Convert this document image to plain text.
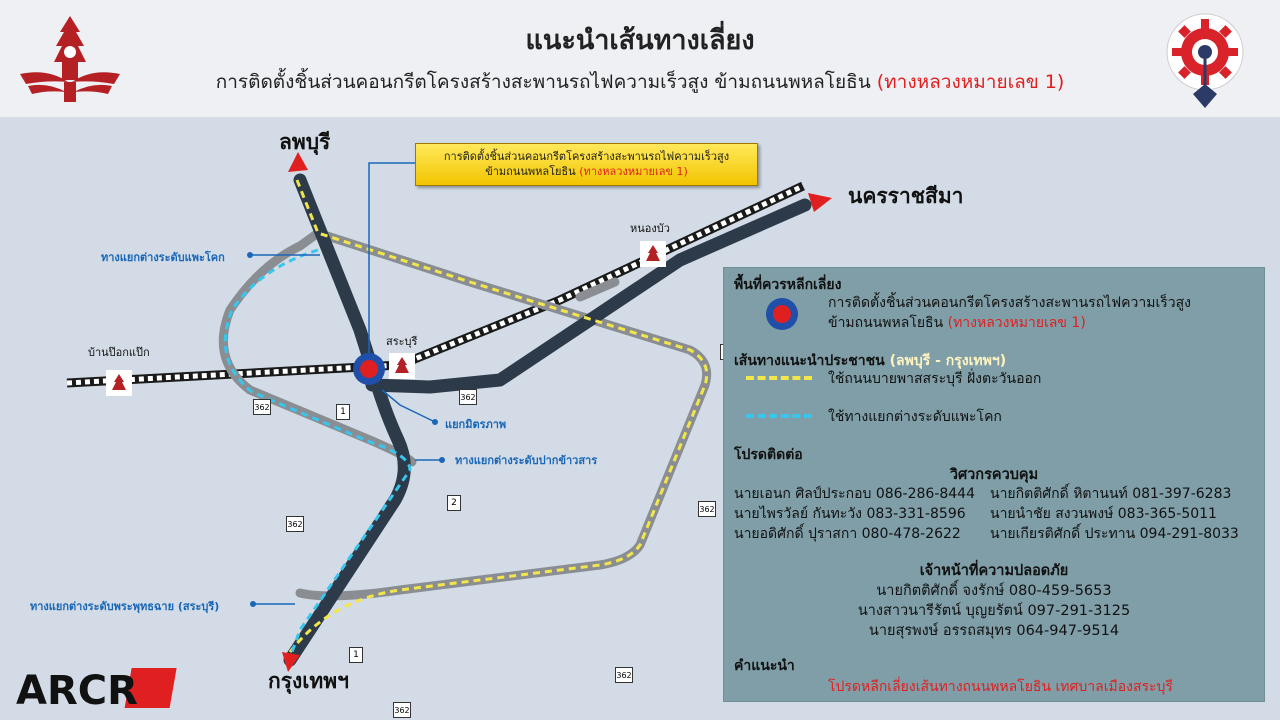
แนะนำเส้นทางเลี่ยง
การติดตั้งชิ้นส่วนคอนกรีตโครงสร้างสะพานรถไฟความเร็วสูง ข้ามถนนพหลโยธิน (ทางหลวงหมายเลข 1)
1
1
2
362
362
362
362
362
362
ลพบุรี
นครราชสีมา
กรุงเทพฯ
หนองบัว
สระบุรี
บ้านป๊อกแป๊ก
ทางแยกต่างระดับแพะโคก
แยกมิตรภาพ
ทางแยกต่างระดับปากข้าวสาร
ทางแยกต่างระดับพระพุทธฉาย (สระบุรี)
การติดตั้งชิ้นส่วนคอนกรีตโครงสร้างสะพานรถไฟความเร็วสูง
ข้ามถนนพหลโยธิน (ทางหลวงหมายเลข 1)
พื้นที่ควรหลีกเลี่ยง
การติดตั้งชิ้นส่วนคอนกรีตโครงสร้างสะพานรถไฟความเร็วสูง
ข้ามถนนพหลโยธิน (ทางหลวงหมายเลข 1)
เส้นทางแนะนำประชาชน (ลพบุรี - กรุงเทพฯ)
ใช้ถนนบายพาสสระบุรี ฝั่งตะวันออก
ใช้ทางแยกต่างระดับแพะโคก
โปรดติดต่อ
วิศวกรควบคุม
นายเอนก ศิลป์ประกอบ 086-286-8444 นายกิตติศักดิ์ หิตานนท์ 081-397-6283
นายไพรวัลย์ กันทะวัง 083-331-8596 นายนำชัย สงวนพงษ์ 083-365-5011
นายอดิศักดิ์ ปุราสกา 080-478-2622 นายเกียรติศักดิ์ ประทาน 094-291-8033
เจ้าหน้าที่ความปลอดภัย
นายกิตติศักดิ์ จงรักษ์ 080-459-5653
นางสาวนารีรัตน์ บุญยรัตน์ 097-291-3125
นายสุรพงษ์ อรรถสมุทร 064-947-9514
คำแนะนำ
โปรดหลีกเลี่ยงเส้นทางถนนพหลโยธิน เทศบาลเมืองสระบุรี
ARCR
